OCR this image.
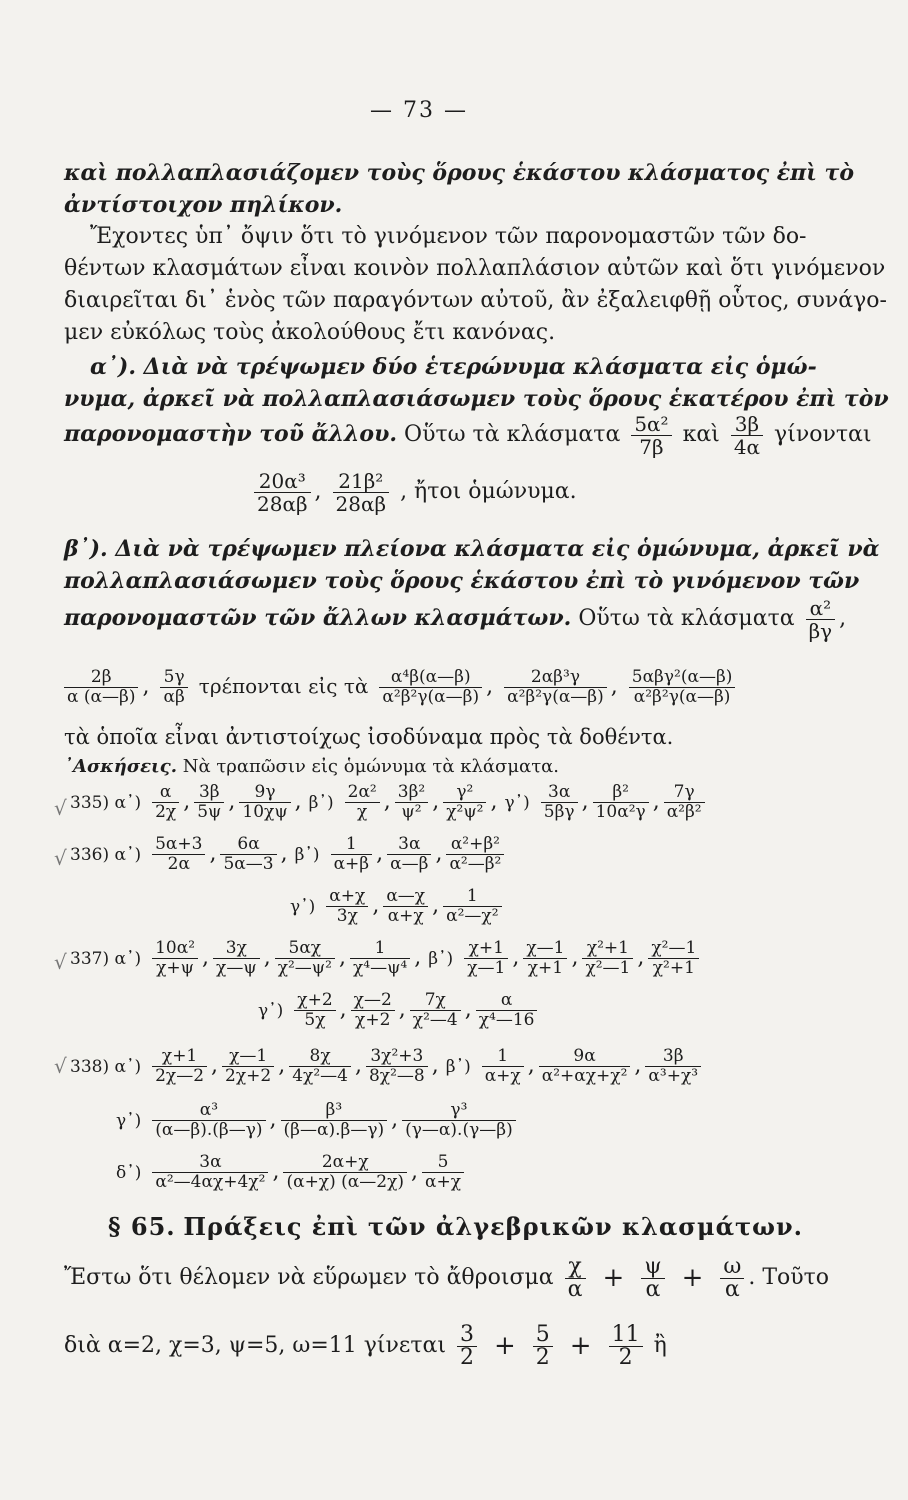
— 73 —
καὶ πολλαπλασιάζομεν τοὺς ὅρους ἑκάστου κλάσματος ἐπὶ τὸ
ἀντίστοιχον πηλίκον.
Ἔχοντες ὑπ᾽ ὄψιν ὅτι τὸ γινόμενον τῶν παρονομαστῶν τῶν δο-
θέντων κλασμάτων εἶναι κοινὸν πολλαπλάσιον αὐτῶν καὶ ὅτι γινόμενον
διαιρεῖται δι᾽ ἑνὸς τῶν παραγόντων αὐτοῦ, ἂν ἐξαλειφθῇ οὗτος, συνάγο-
μεν εὐκόλως τοὺς ἀκολούθους ἔτι κανόνας.
α᾽). Διὰ νὰ τρέψωμεν δύο ἑτερώνυμα κλάσματα εἰς ὁμώ-
νυμα, ἀρκεῖ νὰ πολλαπλασιάσωμεν τοὺς ὅρους ἑκατέρου ἐπὶ τὸν
παρονομαστὴν τοῦ ἄλλου. Οὕτω τὰ κλάσματα $\frac{\text{5α²}}{7\beta}$ καὶ $\frac{3\beta}{4\alpha}$ γίνονται
$\frac{\text{20α³}}{28\alpha\beta}$ , $\frac{\text{21β²}}{28\alpha\beta}$ , ἤτοι ὁμώνυμα.
β᾽). Διὰ νὰ τρέψωμεν πλείονα κλάσματα εἰς ὁμώνυμα, ἀρκεῖ νὰ
πολλαπλασιάσωμεν τοὺς ὅρους ἑκάστου ἐπὶ τὸ γινόμενον τῶν
παρονομαστῶν τῶν ἄλλων κλασμάτων. Οὕτω τὰ κλάσματα $\frac{\text{α²}}{\beta\gamma}$ ,
$\frac{2\beta}{\alpha (\alpha—\beta)}$ , $\frac{5\gamma}{\alpha\beta}$ τρέπονται εἰς τὰ $\frac{\text{α⁴β(α—β)}}{\text{α²β²γ(α—β)}}$ , $\frac{\text{2αβ³γ}}{\text{α²β²γ(α—β)}}$ , $\frac{\text{5αβγ²(α—β)}}{\text{α²β²γ(α—β)}}$
τὰ ὁποῖα εἶναι ἀντιστοίχως ἰσοδύναμα πρὸς τὰ δοθέντα.
᾽Ασκήσεις. Νὰ τραπῶσιν εἰς ὁμώνυμα τὰ κλάσματα.
√ 335) α᾽) $\frac{\alpha}{2\chi}$ , $\frac{3\beta}{5\psi}$ , $\frac{9\gamma}{10\chi\psi}$ , β᾽) $\frac{\text{2α²}}{\chi}$ , $\frac{\text{3β²}}{\text{ψ²}}$ , $\frac{\text{γ²}}{\text{χ²ψ²}}$ , γ᾽) $\frac{3\alpha}{5\beta\gamma}$ , $\frac{\text{β²}}{\text{10α²γ}}$ , $\frac{7\gamma}{\text{α²β²}}$
√ 336) α᾽) $\frac{5\alpha+3}{2\alpha}$ , $\frac{6\alpha}{5\alpha—3}$ , β᾽) $\frac{1}{\alpha+\beta}$ , $\frac{3\alpha}{\alpha—\beta}$ , $\frac{\text{α²+β²}}{\text{α²—β²}}$
γ᾽) $\frac{\alpha+\chi}{3\chi}$ , $\frac{\alpha—\chi}{\alpha+\chi}$ , $\frac{1}{\text{α²—χ²}}$
√ 337) α᾽) $\frac{\text{10α²}}{\chi+\psi}$ , $\frac{3\chi}{\chi—\psi}$ , $\frac{5\alpha\chi}{\text{χ²—ψ²}}$ , $\frac{1}{\text{χ⁴—ψ⁴}}$ , β᾽) $\frac{\chi+1}{\chi—1}$ , $\frac{\chi—1}{\chi+1}$ , $\frac{\text{χ²+1}}{\text{χ²—1}}$ , $\frac{\text{χ²—1}}{\text{χ²+1}}$
γ᾽) $\frac{\chi+2}{5\chi}$ , $\frac{\chi—2}{\chi+2}$ , $\frac{7\chi}{\text{χ²—4}}$ , $\frac{\alpha}{\text{χ⁴—16}}$
√ 338) α᾽) $\frac{\chi+1}{2\chi—2}$ , $\frac{\chi—1}{2\chi+2}$ , $\frac{8\chi}{\text{4χ²—4}}$ , $\frac{\text{3χ²+3}}{\text{8χ²—8}}$ , β᾽) $\frac{1}{\alpha+\chi}$ , $\frac{9\alpha}{\text{α²+αχ+χ²}}$ , $\frac{3\beta}{\text{α³+χ³}}$
γ᾽) $\frac{\text{α³}}{(\alpha—\beta).(\beta—\gamma)}$ , $\frac{\text{β³}}{(\beta—\alpha).\beta—\gamma)}$ , $\frac{\text{γ³}}{(\gamma—\alpha).(\gamma—\beta)}$
δ᾽) $\frac{3\alpha}{\text{α²—4αχ+4χ²}}$ , $\frac{2\alpha+\chi}{(\alpha+\chi) (\alpha—2\chi)}$ , $\frac{5}{\alpha+\chi}$
§ 65. Πράξεις ἐπὶ τῶν ἀλγεβρικῶν κλασμάτων.
Ἔστω ὅτι θέλομεν νὰ εὕρωμεν τὸ ἄθροισμα $\frac{\chi}{\alpha} + \frac{\psi}{\alpha} + \frac{\omega}{\alpha}$ . Τοῦτο
διὰ α=2, χ=3, ψ=5, ω=11 γίνεται $\frac{3}{2} + \frac{5}{2} + \frac{11}{2}$ ἢ
